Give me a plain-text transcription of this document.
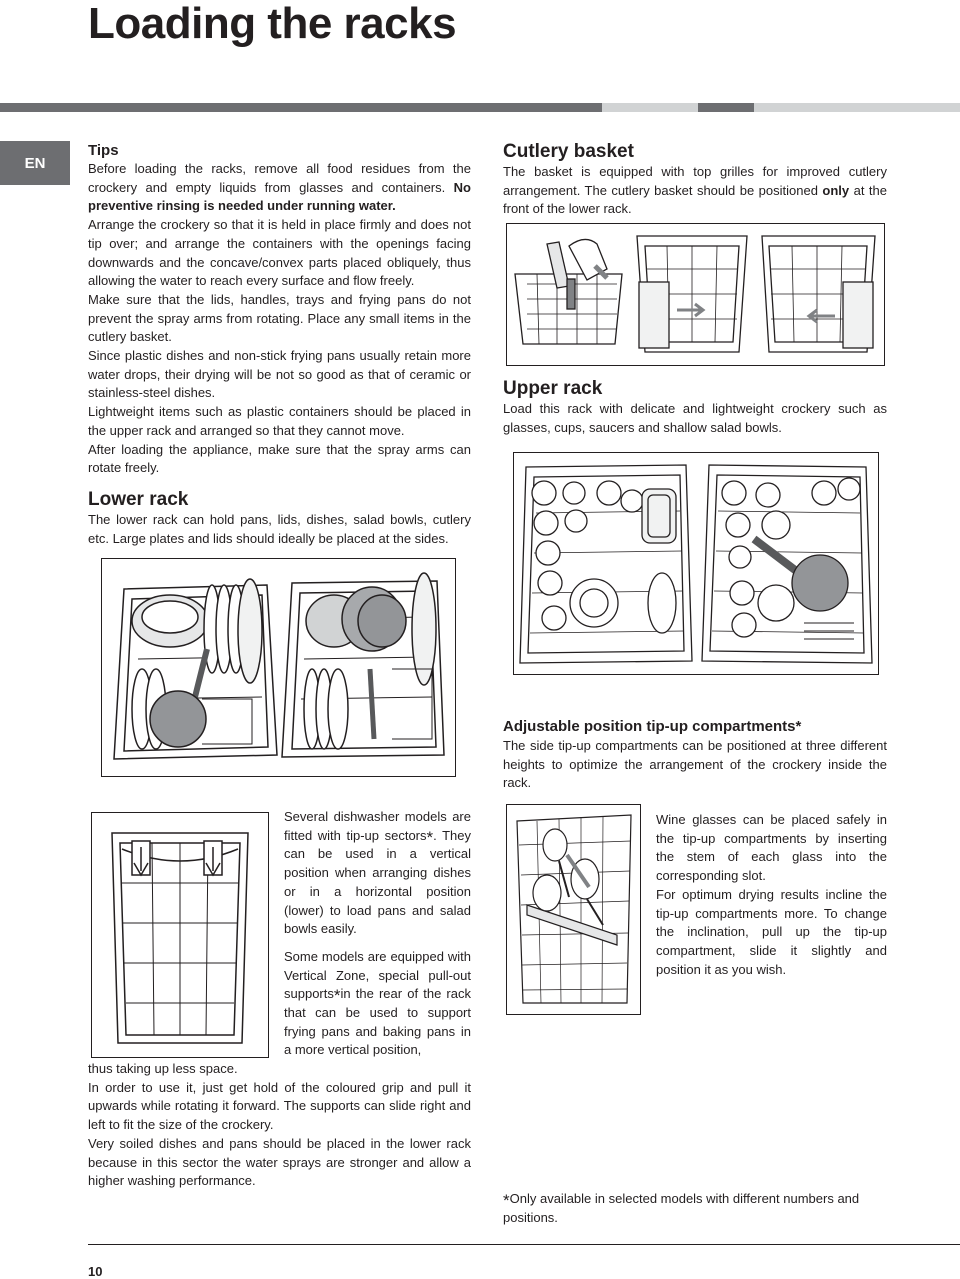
Loading the racks
EN
Tips

Before loading the racks, remove all food residues from the crockery and empty liquids from glasses and containers. No preventive rinsing is needed under running water.

Arrange the crockery so that it is held in place firmly and does not tip over; and arrange the containers with the openings facing downwards and the concave/convex parts placed obliquely, thus allowing the water to reach every surface and flow freely.

Make sure that the lids, handles, trays and frying pans do not prevent the spray arms from rotating. Place any small items in the cutlery basket.

Since plastic dishes and non-stick frying pans usually retain more water drops, their drying will be not so good as that of ceramic or stainless-steel dishes.

Lightweight items such as plastic containers should be placed in the upper rack and arranged so that they cannot move.

After loading the appliance, make sure that the spray arms can rotate freely.

Lower rack
The lower rack can hold pans, lids, dishes, salad bowls, cutlery etc. Large plates and lids should ideally be placed at the sides.

Several dishwasher models are fitted with tip-up sectors*. They can be used in a vertical position when arranging dishes or in a horizontal position (lower) to load pans and salad bowls easily.

Some models are equipped with Vertical Zone, special pull-out supports*in the rear of the rack that can be used to support frying pans and baking pans in a more vertical position,

thus taking up less space.

In order to use it, just get hold of the coloured grip and pull it upwards while rotating it forward. The supports can slide right and left to fit the size of the crockery.

Very soiled dishes and pans should be placed in the lower rack because in this sector the water sprays are stronger and allow a higher washing performance.

Cutlery basket
The basket is equipped with top grilles for improved cutlery arrangement. The cutlery basket should be positioned only at the front of the lower rack.
Upper rack
Load this rack with delicate and lightweight crockery such as glasses, cups, saucers and shallow salad bowls.
Adjustable position tip-up compartments*
The side tip-up compartments can be positioned at three different heights to optimize the arrangement of the crockery inside the rack.

Wine glasses can be placed safely in the tip-up compartments by inserting the stem of each glass into the corresponding slot.

For optimum drying results incline the tip-up compartments more. To change the inclination, pull up the tip-up compartment, slide it slightly and position it as you wish.

*Only available in selected models with different numbers and positions.
10
